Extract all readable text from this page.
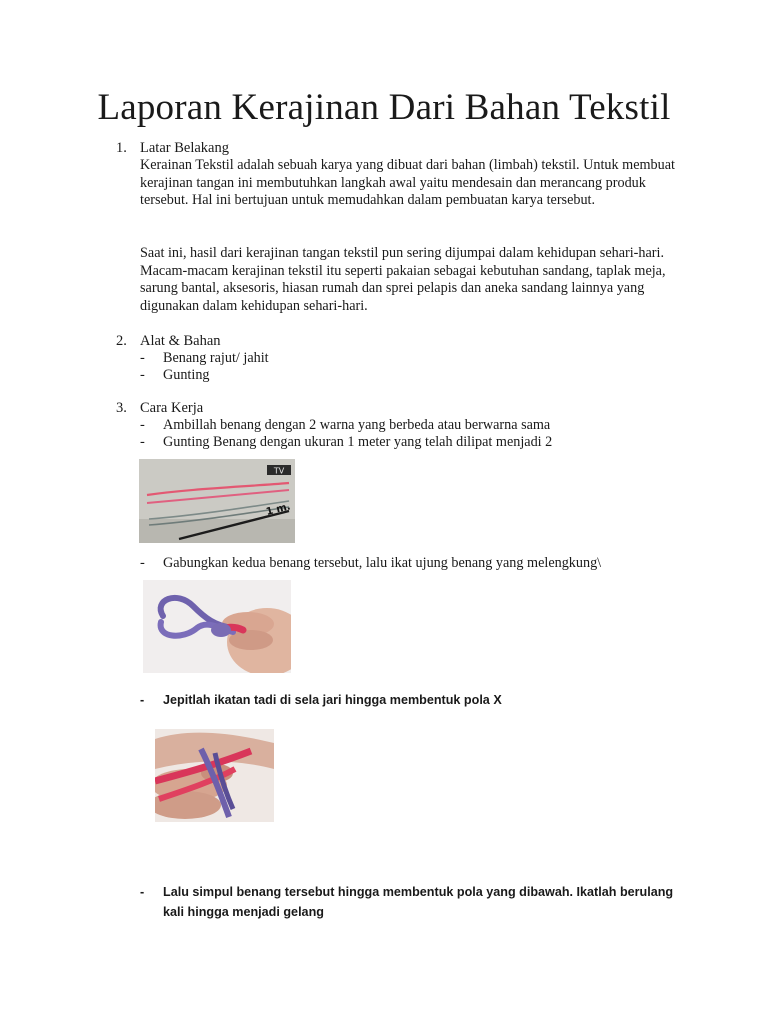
Laporan Kerajinan Dari Bahan Tekstil
1. Latar Belakang

Kerainan Tekstil adalah sebuah karya yang dibuat dari bahan (limbah) tekstil. Untuk membuat kerajinan tangan ini membutuhkan langkah awal yaitu mendesain dan merancang produk tersebut. Hal ini bertujuan untuk memudahkan dalam pembuatan karya tersebut.

Saat ini, hasil dari kerajinan tangan tekstil pun sering dijumpai dalam kehidupan sehari-hari. Macam-macam kerajinan tekstil itu seperti pakaian sebagai kebutuhan sandang, taplak meja, sarung bantal, aksesoris, hiasan rumah dan sprei pelapis dan aneka sandang lainnya yang digunakan dalam kehidupan sehari-hari.

2. Alat & Bahan
- Benang rajut/ jahit
- Gunting
3. Cara Kerja
- Ambillah benang dengan 2 warna yang berbeda atau berwarna sama
- Gunting Benang dengan ukuran 1 meter yang telah dilipat menjadi 2
TV
1 m.
- Gabungkan kedua benang tersebut, lalu ikat ujung benang yang melengkung\
- Jepitlah ikatan tadi di sela jari hingga membentuk pola X
- Lalu simpul benang tersebut hingga membentuk pola yang dibawah. Ikatlah berulang kali hingga menjadi gelang
